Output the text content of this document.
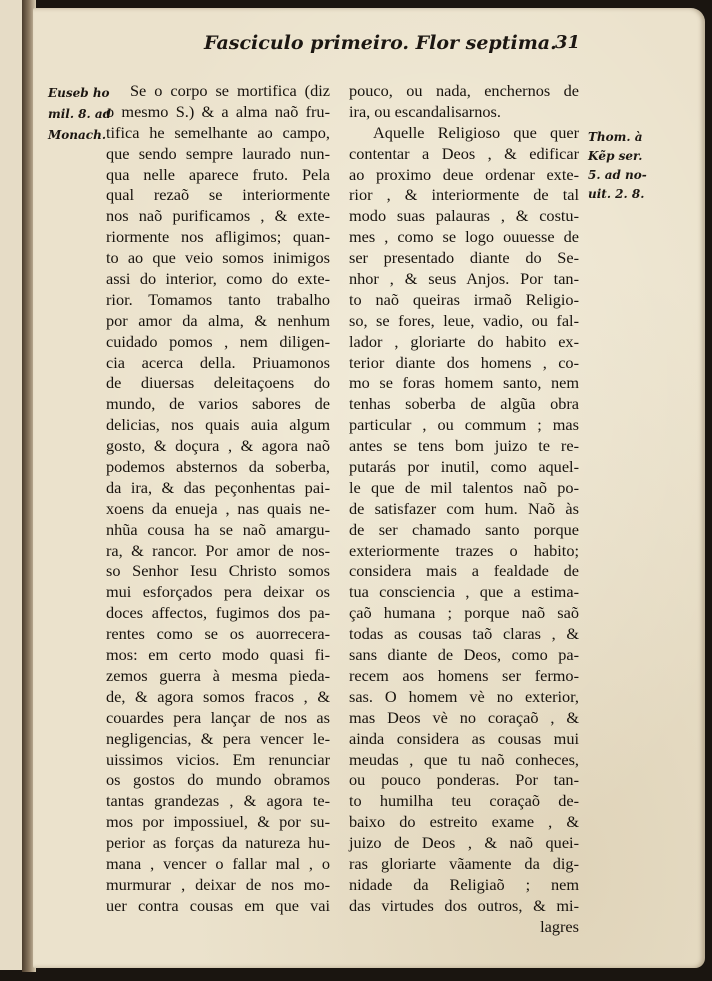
Fasciculo primeiro. Flor septima.
31
Euseb ho
mil. 8. ad
Monach.	Thom. à
Kẽp ser.
5. ad no-
uit. 2. 8.
Se o corpo se mortifica (diz
o mesmo S.) & a alma naõ fru-
tifica he semelhante ao campo,
que sendo sempre laurado nun-
qua nelle aparece fruto. Pela
qual rezaõ se interiormente
nos naõ purificamos , & exte-
riormente nos afligimos; quan-
to ao que veio somos inimigos
assi do interior, como do exte-
rior. Tomamos tanto trabalho
por amor da alma, & nenhum
cuidado pomos , nem diligen-
cia acerca della. Priuamonos
de diuersas deleitaçoens do
mundo, de varios sabores de
delicias, nos quais auia algum
gosto, & doçura , & agora naõ
podemos absternos da soberba,
da ira, & das peçonhentas pai-
xoens da enueja , nas quais ne-
nhũa cousa ha se naõ amargu-
ra, & rancor. Por amor de nos-
so Senhor Iesu Christo somos
mui esforçados pera deixar os
doces affectos, fugimos dos pa-
rentes como se os auorrecera-
mos: em certo modo quasi fi-
zemos guerra à mesma pieda-
de, & agora somos fracos , &
couardes pera lançar de nos as
negligencias, & pera vencer le-
uissimos vicios. Em renunciar
os gostos do mundo obramos
tantas grandezas , & agora te-
mos por impossiuel, & por su-
perior as forças da natureza hu-
mana , vencer o fallar mal , o
murmurar , deixar de nos mo-
uer contra cousas em que vai
pouco, ou nada, enchernos de
ira, ou escandalisarnos.
Aquelle Religioso que quer
contentar a Deos , & edificar
ao proximo deue ordenar exte-
rior , & interiormente de tal
modo suas palauras , & costu-
mes , como se logo ouuesse de
ser presentado diante do Se-
nhor , & seus Anjos. Por tan-
to naõ queiras irmaõ Religio-
so, se fores, leue, vadio, ou fal-
lador , gloriarte do habito ex-
terior diante dos homens , co-
mo se foras homem santo, nem
tenhas soberba de algũa obra
particular , ou commum ; mas
antes se tens bom juizo te re-
putarás por inutil, como aquel-
le que de mil talentos naõ po-
de satisfazer com hum. Naõ às
de ser chamado santo porque
exteriormente trazes o habito;
considera mais a fealdade de
tua consciencia , que a estima-
çaõ humana ; porque naõ saõ
todas as cousas taõ claras , &
sans diante de Deos, como pa-
recem aos homens ser fermo-
sas. O homem vè no exterior,
mas Deos vè no coraçaõ , &
ainda considera as cousas mui
meudas , que tu naõ conheces,
ou pouco ponderas. Por tan-
to humilha teu coraçaõ de-
baixo do estreito exame , &
juizo de Deos , & naõ quei-
ras gloriarte vãamente da dig-
nidade da Religiaõ ; nem
das virtudes dos outros, & mi-
lagres
